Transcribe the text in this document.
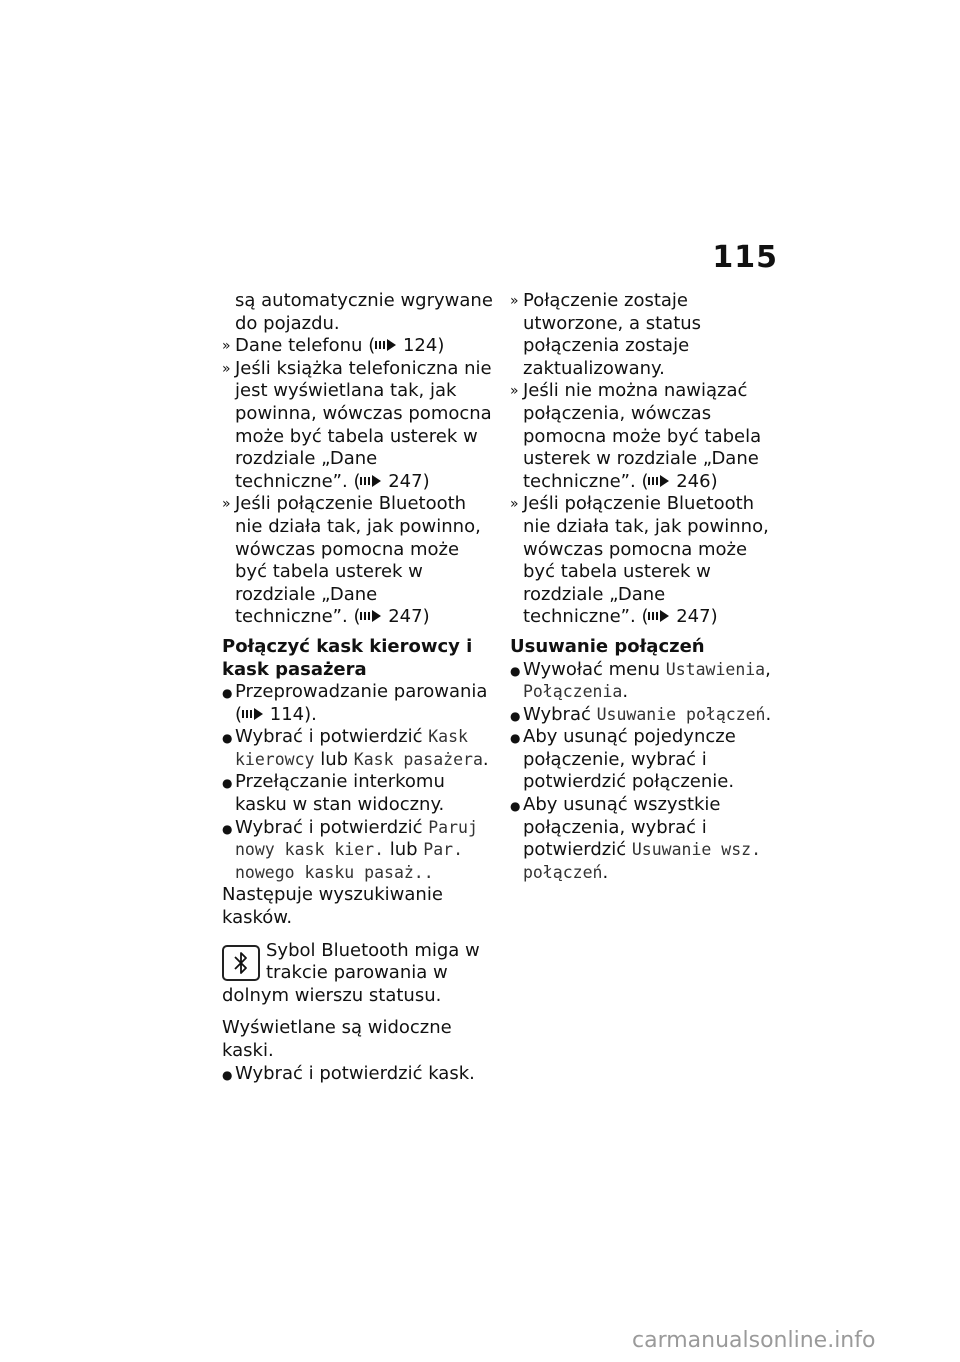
115

są automatycznie wgrywane do pojazdu.

» Dane telefonu ( 124)

» Jeśli książka telefoniczna nie jest wyświetlana tak, jak powinna, wówczas pomocna może być tabela usterek w rozdziale „Dane techniczne”. ( 247)

» Jeśli połączenie Bluetooth nie działa tak, jak powinno, wówczas pomocna może być tabela usterek w rozdziale „Dane techniczne”. ( 247)

Połączyć kask kierowcy i kask pasażera

● Przeprowadzanie parowania ( 114).

● Wybrać i potwierdzić Kask kierowcy lub Kask pasażera.

● Przełączanie interkomu kasku w stan widoczny.

● Wybrać i potwierdzić Paruj nowy kask kier. lub Par. nowego kasku pasaż..

Następuje wyszukiwanie kasków.

Sybol Bluetooth miga w trakcie parowania w dolnym wierszu statusu.

Wyświetlane są widoczne kaski.

● Wybrać i potwierdzić kask.

» Połączenie zostaje utworzone, a status połączenia zostaje zaktualizowany.

» Jeśli nie można nawiązać połączenia, wówczas pomocna może być tabela usterek w rozdziale „Dane techniczne”. ( 246)

» Jeśli połączenie Bluetooth nie działa tak, jak powinno, wówczas pomocna może być tabela usterek w rozdziale „Dane techniczne”. ( 247)

Usuwanie połączeń

● Wywołać menu Ustawienia, Połączenia.

● Wybrać Usuwanie połączeń.

● Aby usunąć pojedyncze połączenie, wybrać i potwierdzić połączenie.

● Aby usunąć wszystkie połączenia, wybrać i potwierdzić Usuwanie wsz. połączeń.

carmanualsonline.info
